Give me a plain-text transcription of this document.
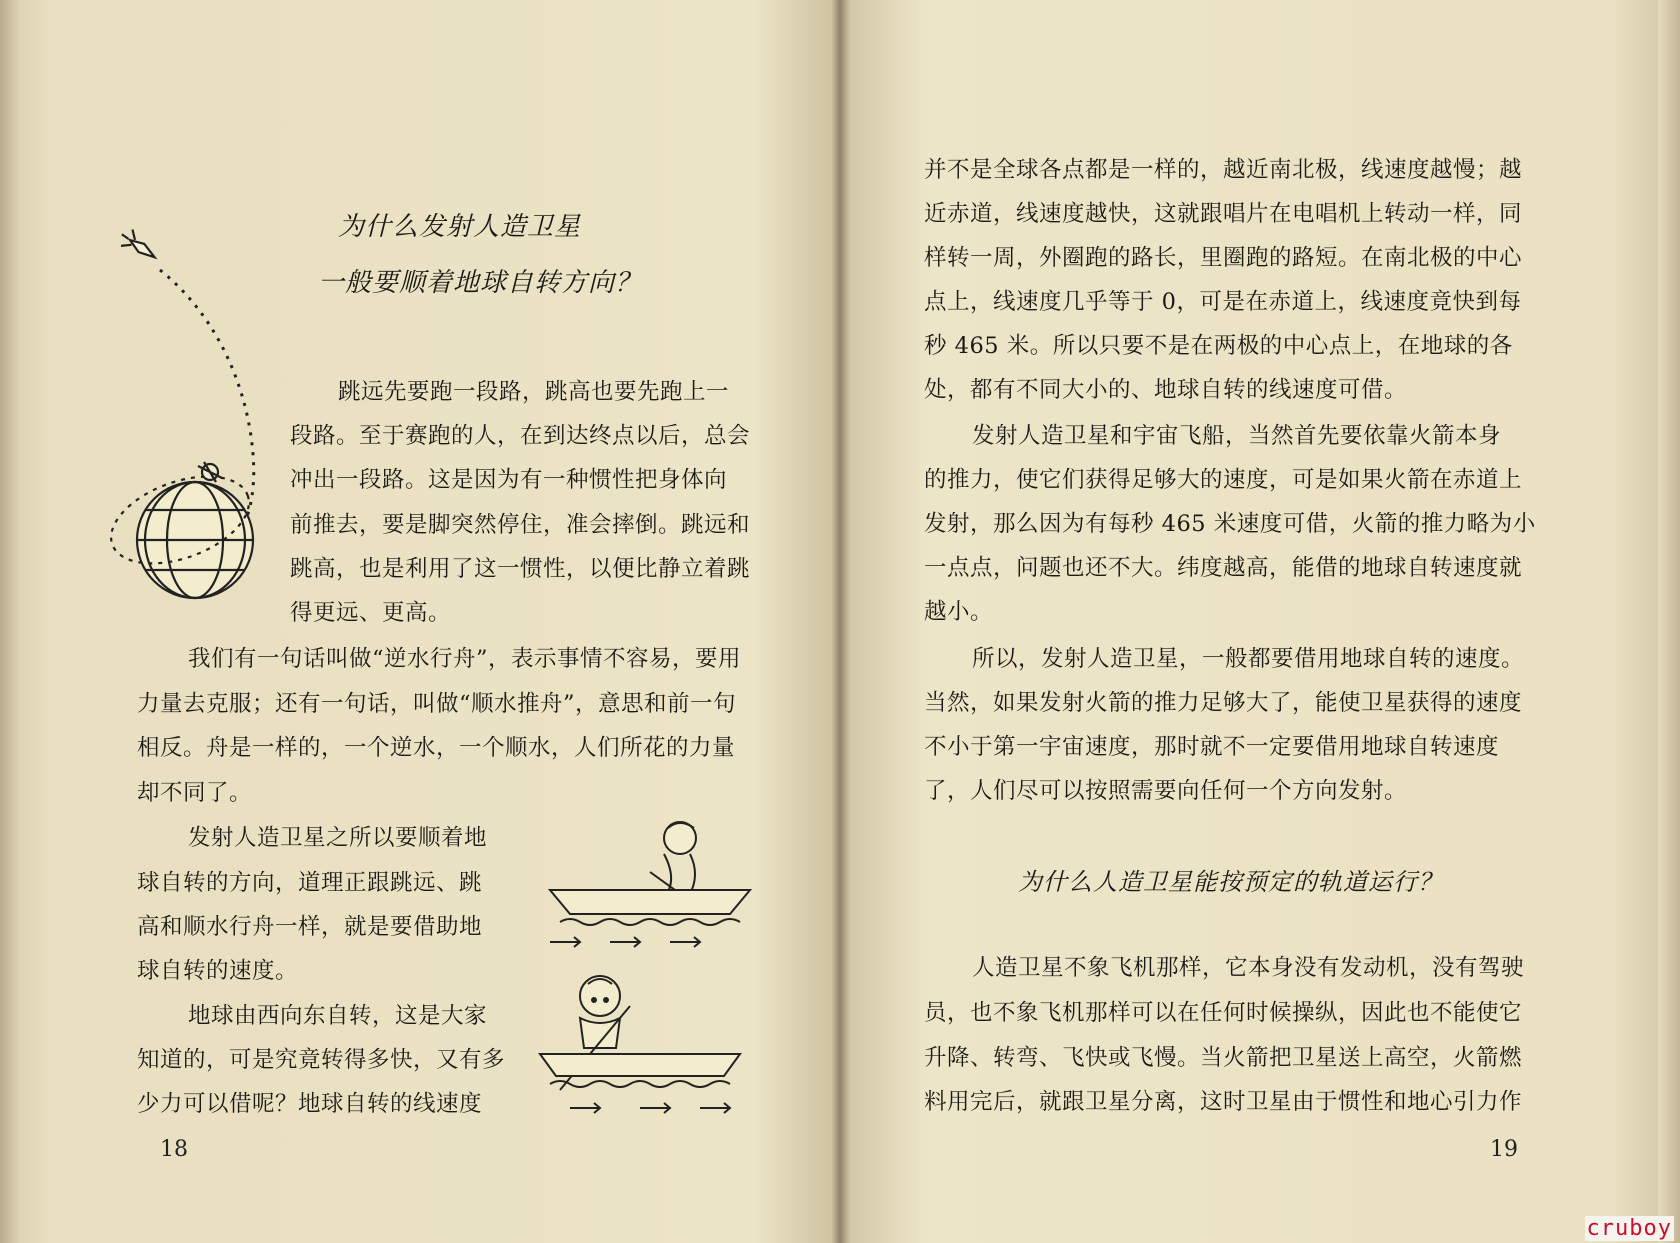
为什么发射人造卫星
一般要顺着地球自转方向？
跳远先要跑一段路，跳高也要先跑上一
段路。至于赛跑的人，在到达终点以后，总会
冲出一段路。这是因为有一种惯性把身体向
前推去，要是脚突然停住，准会摔倒。跳远和
跳高，也是利用了这一惯性，以便比静立着跳
得更远、更高。
我们有一句话叫做“逆水行舟”，表示事情不容易，要用
力量去克服；还有一句话，叫做“顺水推舟”，意思和前一句
相反。舟是一样的，一个逆水，一个顺水，人们所花的力量
却不同了。
发射人造卫星之所以要顺着地
球自转的方向，道理正跟跳远、跳
高和顺水行舟一样，就是要借助地
球自转的速度。
地球由西向东自转，这是大家
知道的，可是究竟转得多快，又有多
少力可以借呢？地球自转的线速度
18
并不是全球各点都是一样的，越近南北极，线速度越慢；越
近赤道，线速度越快，这就跟唱片在电唱机上转动一样，同
样转一周，外圈跑的路长，里圈跑的路短。在南北极的中心
点上，线速度几乎等于 0，可是在赤道上，线速度竟快到每
秒 465 米。所以只要不是在两极的中心点上，在地球的各
处，都有不同大小的、地球自转的线速度可借。
发射人造卫星和宇宙飞船，当然首先要依靠火箭本身
的推力，使它们获得足够大的速度，可是如果火箭在赤道上
发射，那么因为有每秒 465 米速度可借，火箭的推力略为小
一点点，问题也还不大。纬度越高，能借的地球自转速度就
越小。
所以，发射人造卫星，一般都要借用地球自转的速度。
当然，如果发射火箭的推力足够大了，能使卫星获得的速度
不小于第一宇宙速度，那时就不一定要借用地球自转速度
了，人们尽可以按照需要向任何一个方向发射。
为什么人造卫星能按预定的轨道运行？
人造卫星不象飞机那样，它本身没有发动机，没有驾驶
员，也不象飞机那样可以在任何时候操纵，因此也不能使它
升降、转弯、飞快或飞慢。当火箭把卫星送上高空，火箭燃
料用完后，就跟卫星分离，这时卫星由于惯性和地心引力作
19
cruboy
